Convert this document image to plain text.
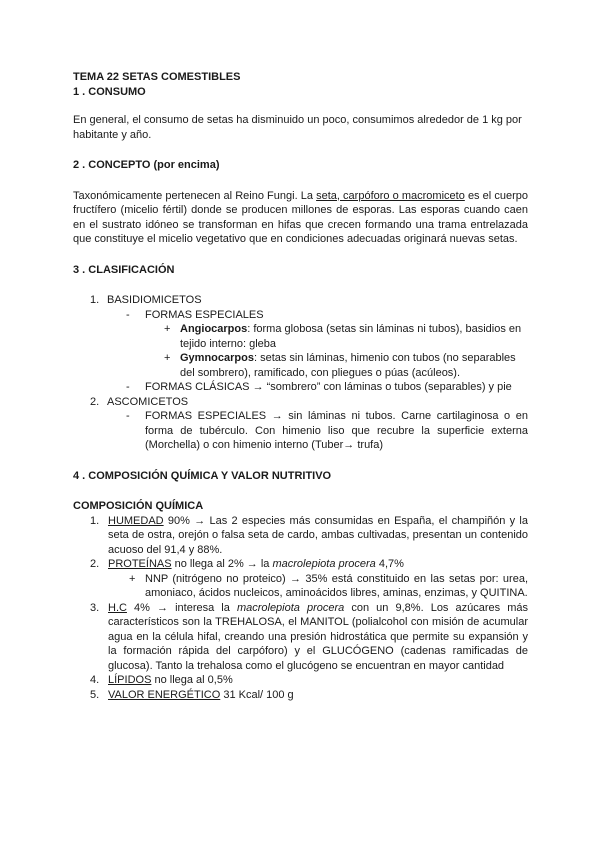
TEMA 22 SETAS COMESTIBLES

1 . CONSUMO

En general, el consumo de setas ha disminuido un poco, consumimos alrededor de 1 kg por habitante y año.

2 . CONCEPTO (por encima)

Taxonómicamente pertenecen al Reino Fungi. La seta, carpóforo o macromiceto es el cuerpo fructífero (micelio fértil) donde se producen millones de esporas. Las esporas cuando caen en el sustrato idóneo se transforman en hifas que crecen formando una trama entrelazada que constituye el micelio vegetativo que en condiciones adecuadas originará nuevas setas.

3 . CLASIFICACIÓN

1. BASIDIOMICETOS
- FORMAS ESPECIALES
+ Angiocarpos: forma globosa (setas sin láminas ni tubos), basidios en tejido interno: gleba
+ Gymnocarpos: setas sin láminas, himenio con tubos (no separables del sombrero), ramificado, con pliegues o púas (acúleos).
- FORMAS CLÁSICAS → “sombrero” con láminas o tubos (separables) y pie
2. ASCOMICETOS
- FORMAS ESPECIALES → sin láminas ni tubos. Carne cartilaginosa o en forma de tubérculo. Con himenio liso que recubre la superficie externa (Morchella) o con himenio interno (Tuber→ trufa)

4 . COMPOSICIÓN QUÍMICA Y VALOR NUTRITIVO

COMPOSICIÓN QUÍMICA

1. HUMEDAD 90% → Las 2 especies más consumidas en España, el champiñón y la seta de ostra, orejón o falsa seta de cardo, ambas cultivadas, presentan un contenido acuoso del 91,4 y 88%.
2. PROTEÍNAS no llega al 2% → la macrolepiota procera 4,7%
+ NNP (nitrógeno no proteico) → 35% está constituido en las setas por: urea, amoniaco, ácidos nucleicos, aminoácidos libres, aminas, enzimas, y QUITINA.
3. H.C 4% → interesa la macrolepiota procera con un 9,8%. Los azúcares más característicos son la TREHALOSA, el MANITOL (polialcohol con misión de acumular agua en la célula hifal, creando una presión hidrostática que permite su expansión y la formación rápida del carpóforo) y el GLUCÓGENO (cadenas ramificadas de glucosa). Tanto la trehalosa como el glucógeno se encuentran en mayor cantidad
4. LÍPIDOS no llega al 0,5%
5. VALOR ENERGÉTICO 31 Kcal/ 100 g
